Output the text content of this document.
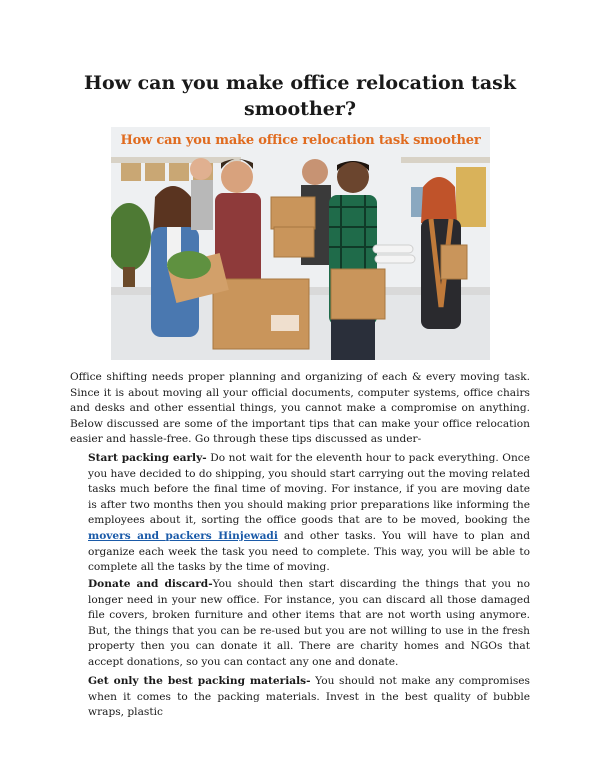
How can you make office relocation task smoother?
How can you make office relocation task smoother

Office shifting needs proper planning and organizing of each & every moving task. Since it is about moving all your official documents, computer systems, office chairs and desks and other essential things, you cannot make a compromise on anything. Below discussed are some of the important tips that can make your office relocation easier and hassle-free. Go through these tips discussed as under-

Start packing early- Do not wait for the eleventh hour to pack everything. Once you have decided to do shipping, you should start carrying out the moving related tasks much before the final time of moving. For instance, if you are moving date is after two months then you should making prior preparations like informing the employees about it, sorting the office goods that are to be moved, booking the movers and packers Hinjewadi and other tasks. You will have to plan and organize each week the task you need to complete. This way, you will be able to complete all the tasks by the time of moving.

Donate and discard-You should then start discarding the things that you no longer need in your new office. For instance, you can discard all those damaged file covers, broken furniture and other items that are not worth using anymore. But, the things that you can be re-used but you are not willing to use in the fresh property then you can donate it all. There are charity homes and NGOs that accept donations, so you can contact any one and donate.

Get only the best packing materials- You should not make any compromises when it comes to the packing materials. Invest in the best quality of bubble wraps, plastic
